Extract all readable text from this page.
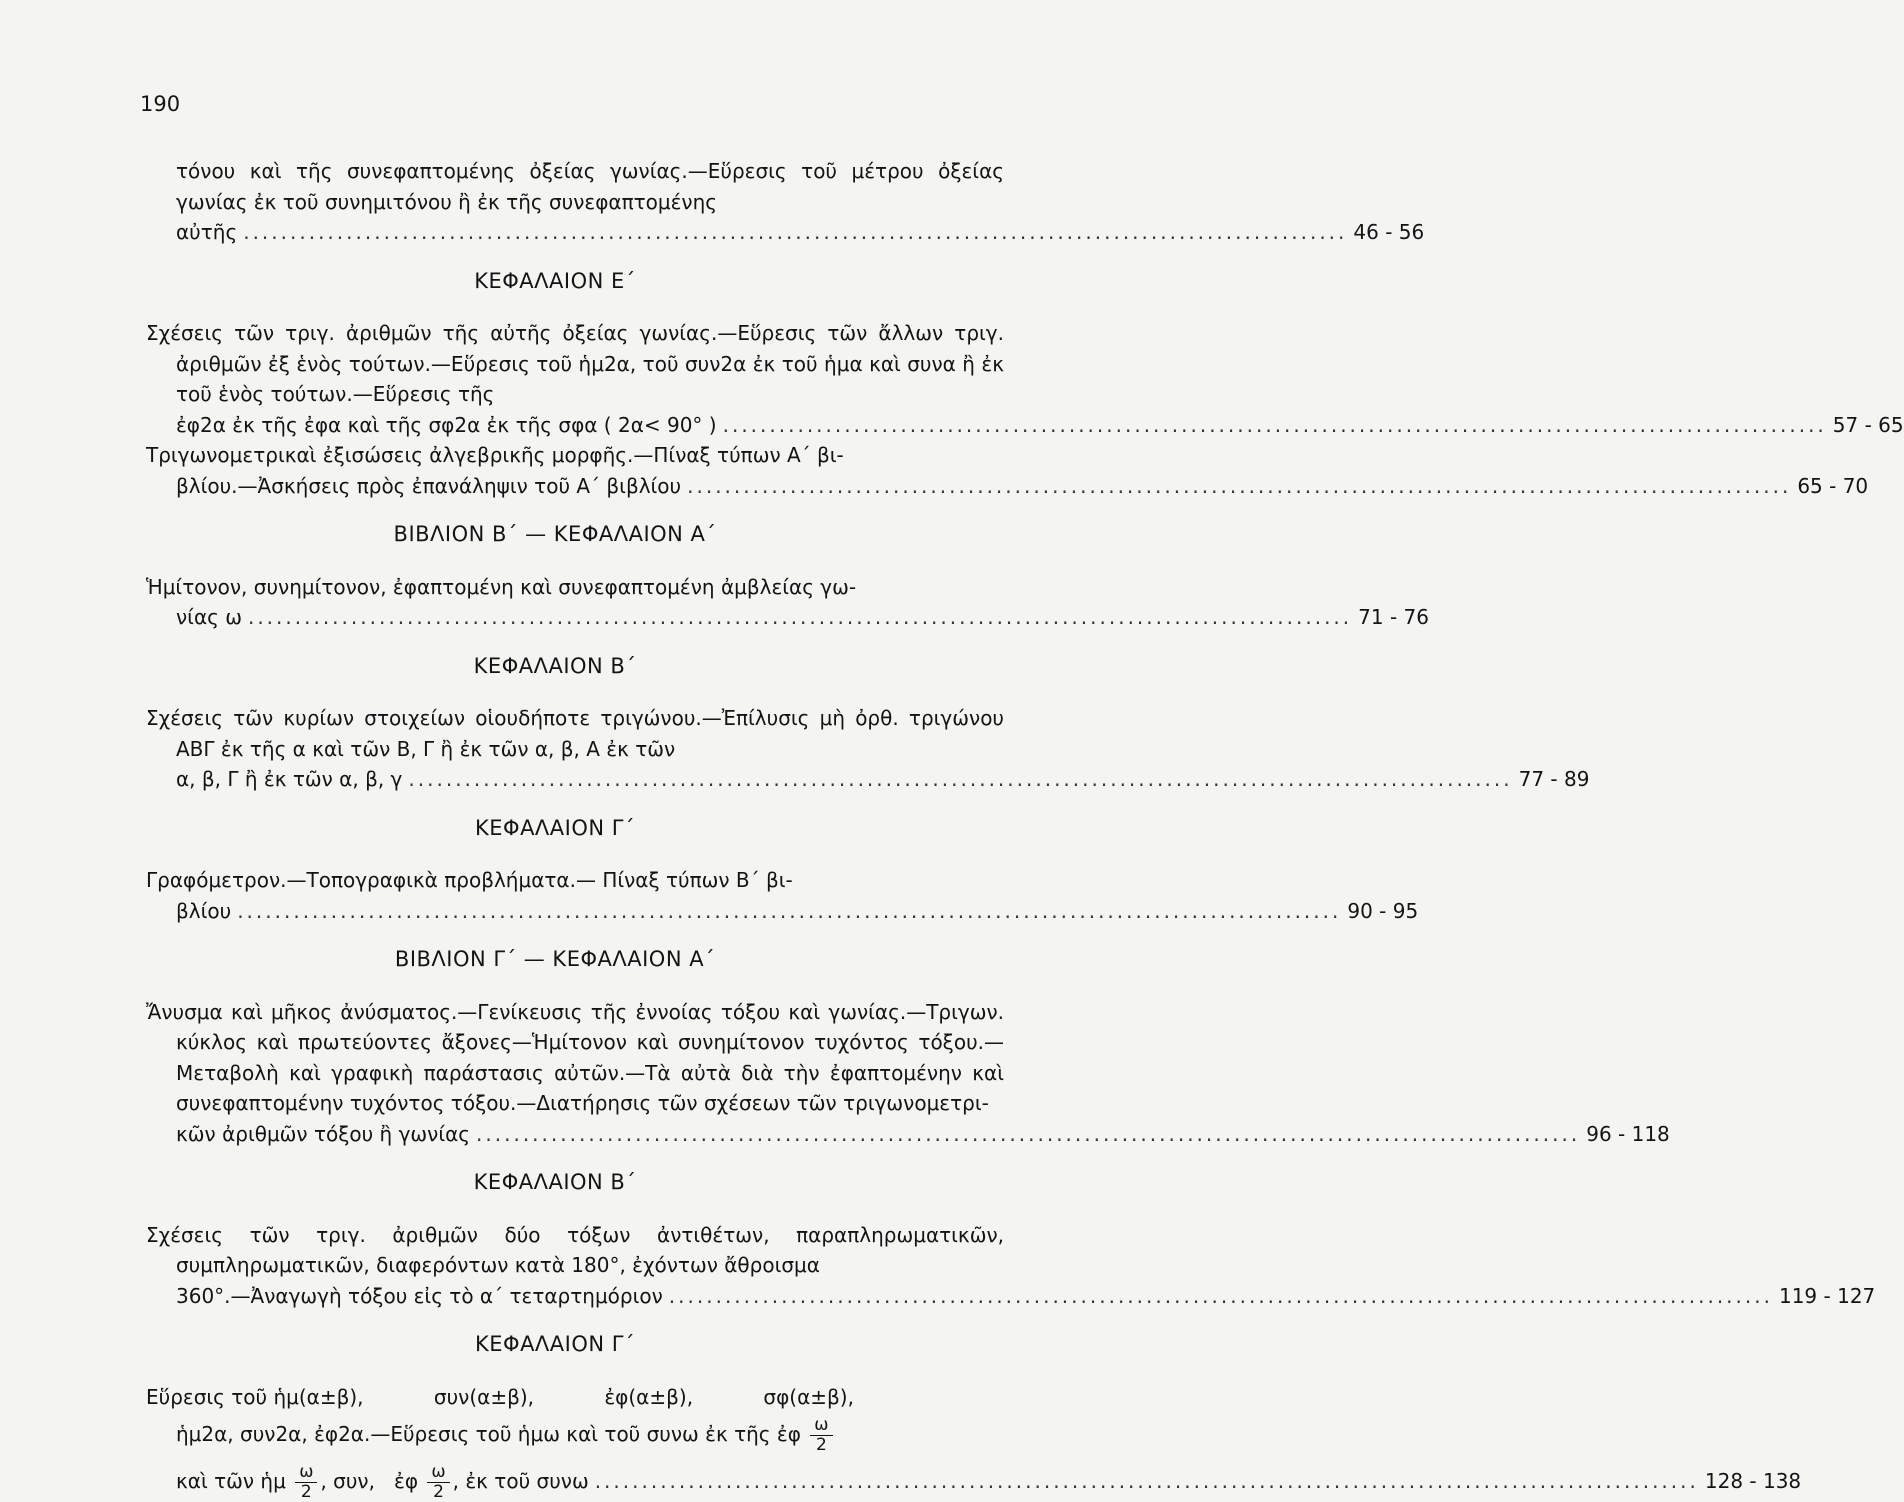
190
τόνου καὶ τῆς συνεφαπτομένης ὀξείας γωνίας.—Εὕρεσις τοῦ μέτρου ὀξείας γωνίας ἐκ τοῦ συνημιτόνου ἢ ἐκ τῆς συνεφαπτομένης
αὐτῆς ...................................................................................................................... 46 - 56
ΚΕΦΑΛΑΙΟΝ Ε΄
Σχέσεις τῶν τριγ. ἀριθμῶν τῆς αὐτῆς ὀξείας γωνίας.—Εὕρεσις τῶν ἄλλων τριγ. ἀριθμῶν ἐξ ἑνὸς τούτων.—Εὕρεσις τοῦ ἡμ2α, τοῦ συν2α ἐκ τοῦ ἡμα καὶ συνα ἢ ἐκ τοῦ ἑνὸς τούτων.—Εὕρεσις τῆς
ἐφ2α ἐκ τῆς ἐφα καὶ τῆς σφ2α ἐκ τῆς σφα ( 2α< 90° ) ...................................................................................................................... 57 - 65
Τριγωνομετρικαὶ ἐξισώσεις ἀλγεβρικῆς μορφῆς.—Πίναξ τύπων Α΄ βι-
βλίου.—Ἀσκήσεις πρὸς ἐπανάληψιν τοῦ Α΄ βιβλίου ...................................................................................................................... 65 - 70
ΒΙΒΛΙΟΝ Β΄ — ΚΕΦΑΛΑΙΟΝ Α΄
Ἡμίτονον, συνημίτονον, ἐφαπτομένη καὶ συνεφαπτομένη ἀμβλείας γω-
νίας ω ...................................................................................................................... 71 - 76
ΚΕΦΑΛΑΙΟΝ Β΄
Σχέσεις τῶν κυρίων στοιχείων οἱουδήποτε τριγώνου.—Ἐπίλυσις μὴ ὀρθ. τριγώνου ΑΒΓ ἐκ τῆς α καὶ τῶν Β, Γ ἢ ἐκ τῶν α, β, Α ἐκ τῶν
α, β, Γ ἢ ἐκ τῶν α, β, γ ...................................................................................................................... 77 - 89
ΚΕΦΑΛΑΙΟΝ Γ΄
Γραφόμετρον.—Τοπογραφικὰ προβλήματα.— Πίναξ τύπων Β΄ βι-
βλίου ...................................................................................................................... 90 - 95
ΒΙΒΛΙΟΝ Γ΄ — ΚΕΦΑΛΑΙΟΝ Α΄
Ἄνυσμα καὶ μῆκος ἀνύσματος.—Γενίκευσις τῆς ἐννοίας τόξου καὶ γωνίας.—Τριγων. κύκλος καὶ πρωτεύοντες ἄξονες—Ἡμίτονον καὶ συνημίτονον τυχόντος τόξου.—Μεταβολὴ καὶ γραφικὴ παράστασις αὐτῶν.—Τὰ αὐτὰ διὰ τὴν ἐφαπτομένην καὶ συνεφαπτομένην τυχόντος τόξου.—Διατήρησις τῶν σχέσεων τῶν τριγωνομετρι-
κῶν ἀριθμῶν τόξου ἢ γωνίας ...................................................................................................................... 96 - 118
ΚΕΦΑΛΑΙΟΝ Β΄
Σχέσεις τῶν τριγ. ἀριθμῶν δύο τόξων ἀντιθέτων, παραπληρωματικῶν, συμπληρωματικῶν, διαφερόντων κατὰ 180°, ἐχόντων ἄθροισμα
360°.—Ἀναγωγὴ τόξου εἰς τὸ α΄ τεταρτημόριον ...................................................................................................................... 119 - 127
ΚΕΦΑΛΑΙΟΝ Γ΄
Εὕρεσις τοῦ ἡμ(α±β),	συν(α±β),	ἐφ(α±β),	σφ(α±β),
ἡμ2α, συν2α, ἐφ2α.—Εὕρεσις τοῦ ἡμω καὶ τοῦ συνω ἐκ τῆς ἐφ $\frac{\omega}{2}$
καὶ τῶν ἡμ $\frac{\omega}{2}$ , συν, ἐφ $\frac{\omega}{2}$ , ἐκ τοῦ συνω ...................................................................................................................... 128 - 138
